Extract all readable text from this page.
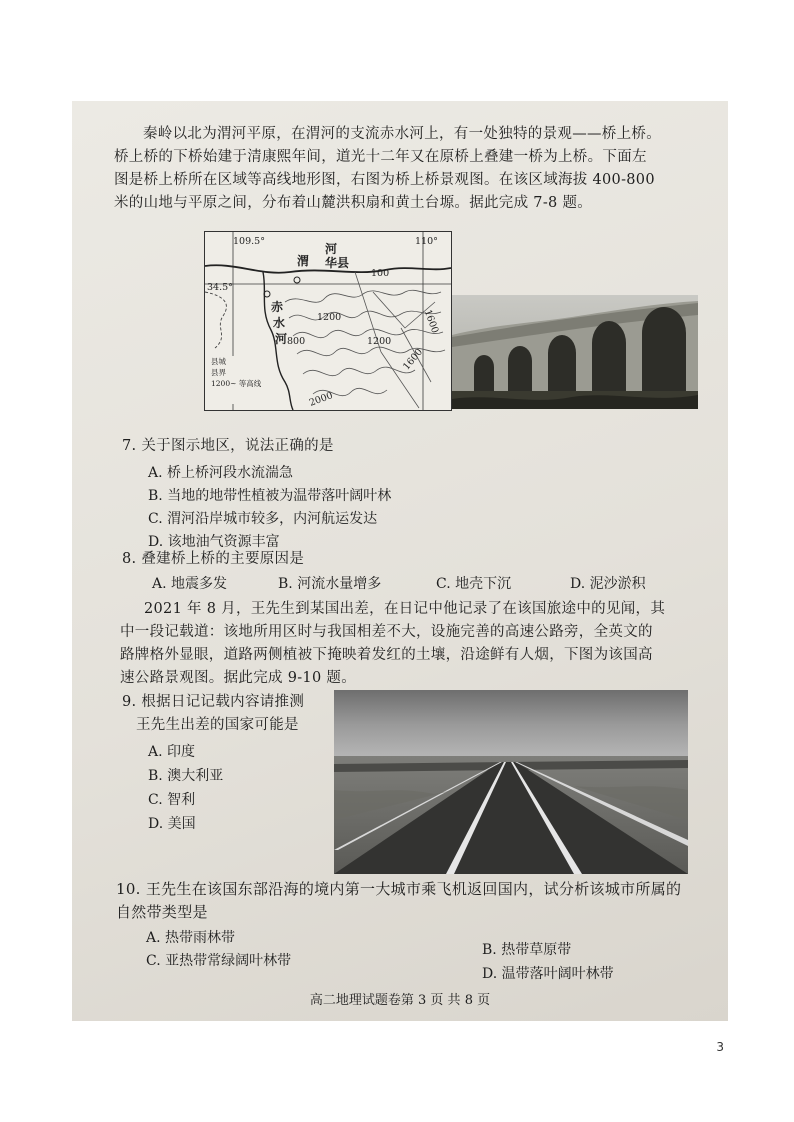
秦岭以北为渭河平原，在渭河的支流赤水河上，有一处独特的景观——桥上桥。
桥上桥的下桥始建于清康熙年间，道光十二年又在原桥上叠建一桥为上桥。下面左
图是桥上桥所在区域等高线地形图，右图为桥上桥景观图。在该区域海拔 400-800
米的山地与平原之间，分布着山麓洪积扇和黄土台塬。据此完成 7-8 题。
109.5°	110°
34.5°
河
渭 华县
赤
水
河
100
1200
800	1200
1600
1600
2000
县城
县界
1200~ 等高线
7. 关于图示地区，说法正确的是
A. 桥上桥河段水流湍急
B. 当地的地带性植被为温带落叶阔叶林
C. 渭河沿岸城市较多，内河航运发达
D. 该地油气资源丰富
8. 叠建桥上桥的主要原因是
A. 地震多发	B. 河流水量增多	C. 地壳下沉	D. 泥沙淤积
2021 年 8 月，王先生到某国出差，在日记中他记录了在该国旅途中的见闻，其
中一段记载道：该地所用区时与我国相差不大，设施完善的高速公路旁，全英文的
路牌格外显眼，道路两侧植被下掩映着发红的土壤，沿途鲜有人烟，下图为该国高
速公路景观图。据此完成 9-10 题。
9. 根据日记记载内容请推测
王先生出差的国家可能是
A. 印度
B. 澳大利亚
C. 智利
D. 美国
10. 王先生在该国东部沿海的境内第一大城市乘飞机返回国内，试分析该城市所属的
自然带类型是
A. 热带雨林带
B. 热带草原带
C. 亚热带常绿阔叶林带
D. 温带落叶阔叶林带
高二地理试题卷第 3 页 共 8 页
3
